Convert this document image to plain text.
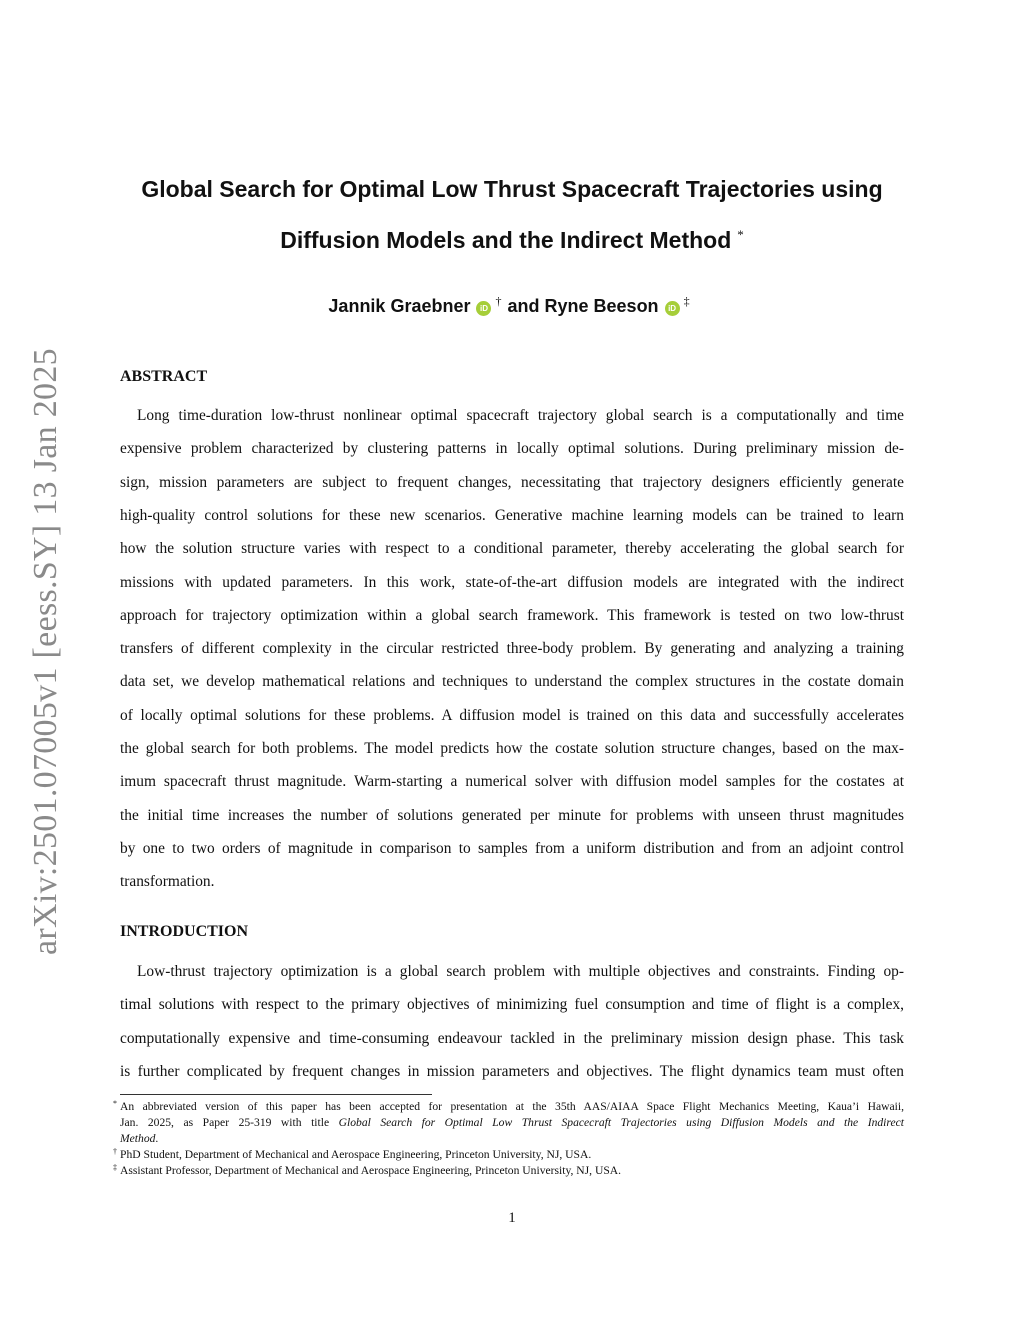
arXiv:2501.07005v1 [eess.SY] 13 Jan 2025
Global Search for Optimal Low Thrust Spacecraft Trajectories using
Diffusion Models and the Indirect Method *
Jannik Graebner iD† and Ryne Beeson iD‡
ABSTRACT
Long time-duration low-thrust nonlinear optimal spacecraft trajectory global search is a computationally and time
expensive problem characterized by clustering patterns in locally optimal solutions. During preliminary mission de-
sign, mission parameters are subject to frequent changes, necessitating that trajectory designers efficiently generate
high-quality control solutions for these new scenarios. Generative machine learning models can be trained to learn
how the solution structure varies with respect to a conditional parameter, thereby accelerating the global search for
missions with updated parameters. In this work, state-of-the-art diffusion models are integrated with the indirect
approach for trajectory optimization within a global search framework. This framework is tested on two low-thrust
transfers of different complexity in the circular restricted three-body problem. By generating and analyzing a training
data set, we develop mathematical relations and techniques to understand the complex structures in the costate domain
of locally optimal solutions for these problems. A diffusion model is trained on this data and successfully accelerates
the global search for both problems. The model predicts how the costate solution structure changes, based on the max-
imum spacecraft thrust magnitude. Warm-starting a numerical solver with diffusion model samples for the costates at
the initial time increases the number of solutions generated per minute for problems with unseen thrust magnitudes
by one to two orders of magnitude in comparison to samples from a uniform distribution and from an adjoint control
transformation.
INTRODUCTION
Low-thrust trajectory optimization is a global search problem with multiple objectives and constraints. Finding op-
timal solutions with respect to the primary objectives of minimizing fuel consumption and time of flight is a complex,
computationally expensive and time-consuming endeavour tackled in the preliminary mission design phase. This task
is further complicated by frequent changes in mission parameters and objectives. The flight dynamics team must often
* An abbreviated version of this paper has been accepted for presentation at the 35th AAS/AIAA Space Flight Mechanics Meeting, Kaua’i Hawaii,
Jan. 2025, as Paper 25-319 with title Global Search for Optimal Low Thrust Spacecraft Trajectories using Diffusion Models and the Indirect
Method.
† PhD Student, Department of Mechanical and Aerospace Engineering, Princeton University, NJ, USA.
‡ Assistant Professor, Department of Mechanical and Aerospace Engineering, Princeton University, NJ, USA.
1
